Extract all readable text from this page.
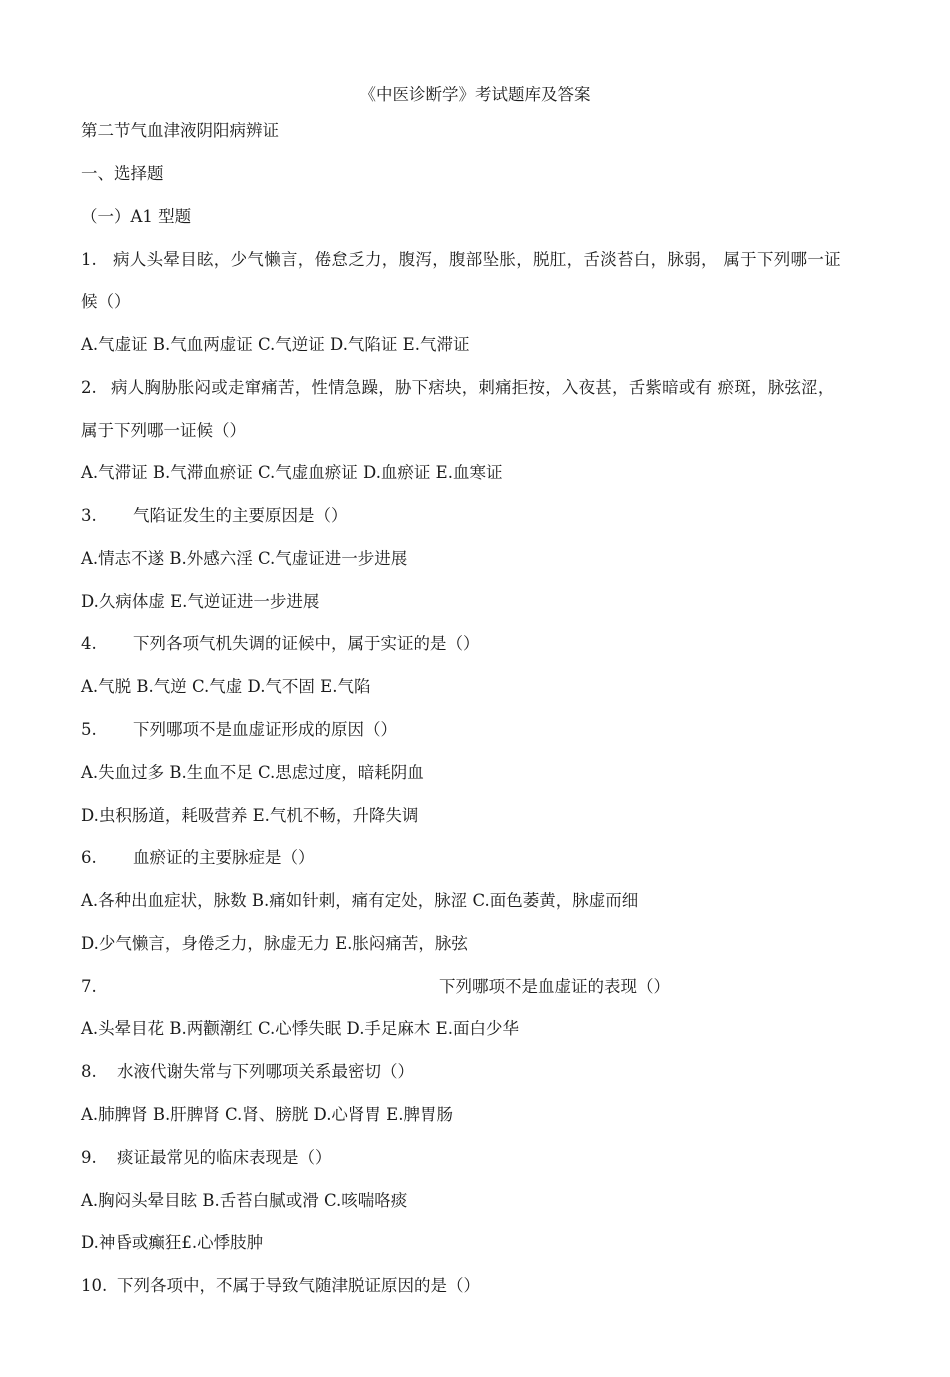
《中医诊断学》考试题库及答案
第二节气血津液阴阳病辨证
一、选择题
（一）A1 型题
1. 病人头晕目眩，少气懒言，倦怠乏力，腹泻，腹部坠胀，脱肛，舌淡苔白，脉弱， 属于下列哪一证
候（）
A.气虚证 B.气血两虚证 C.气逆证 D.气陷证 E.气滞证
2. 病人胸胁胀闷或走窜痛苦，性情急躁，胁下痞块，刺痛拒按，入夜甚，舌紫暗或有 瘀斑，脉弦涩，
属于下列哪一证候（）
A.气滞证 B.气滞血瘀证 C.气虚血瘀证 D.血瘀证 E.血寒证
3. 气陷证发生的主要原因是（）
A.情志不遂 B.外感六淫 C.气虚证进一步进展
D.久病体虚 E.气逆证进一步进展
4. 下列各项气机失调的证候中，属于实证的是（）
A.气脱 B.气逆 C.气虚 D.气不固 E.气陷
5. 下列哪项不是血虚证形成的原因（）
A.失血过多 B.生血不足 C.思虑过度，暗耗阴血
D.虫积肠道，耗吸营养 E.气机不畅，升降失调
6. 血瘀证的主要脉症是（）
A.各种出血症状，脉数 B.痛如针刺，痛有定处，脉涩 C.面色萎黄，脉虚而细
D.少气懒言，身倦乏力，脉虚无力 E.胀闷痛苦，脉弦
7.	下列哪项不是血虚证的表现（）
A.头晕目花 B.两颧潮红 C.心悸失眠 D.手足麻木 E.面白少华
8. 水液代谢失常与下列哪项关系最密切（）
A.肺脾肾 B.肝脾肾 C.肾、膀胱 D.心肾胃 E.脾胃肠
9. 痰证最常见的临床表现是（）
A.胸闷头晕目眩 B.舌苔白腻或滑 C.咳喘咯痰
D.神昏或癫狂£.心悸肢肿
10. 下列各项中，不属于导致气随津脱证原因的是（）
